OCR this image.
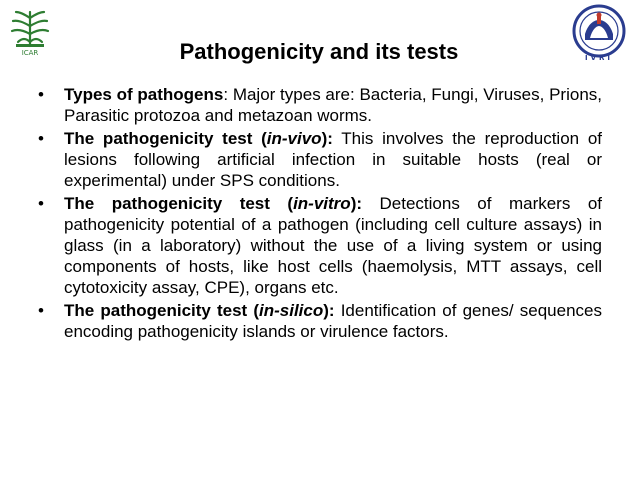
ICAR
IVRI
Pathogenicity and its tests
• Types of pathogens: Major types are: Bacteria, Fungi, Viruses, Prions, Parasitic protozoa and metazoan worms.
• The pathogenicity test (in-vivo): This involves the reproduction of lesions following artificial infection in suitable hosts (real or experimental) under SPS conditions.
• The pathogenicity test (in-vitro): Detections of markers of pathogenicity potential of a pathogen (including cell culture assays) in glass (in a laboratory) without the use of a living system or using components of hosts, like host cells (haemolysis, MTT assays, cell cytotoxicity assay, CPE), organs etc.
• The pathogenicity test (in-silico): Identification of genes/ sequences encoding pathogenicity islands or virulence factors.
